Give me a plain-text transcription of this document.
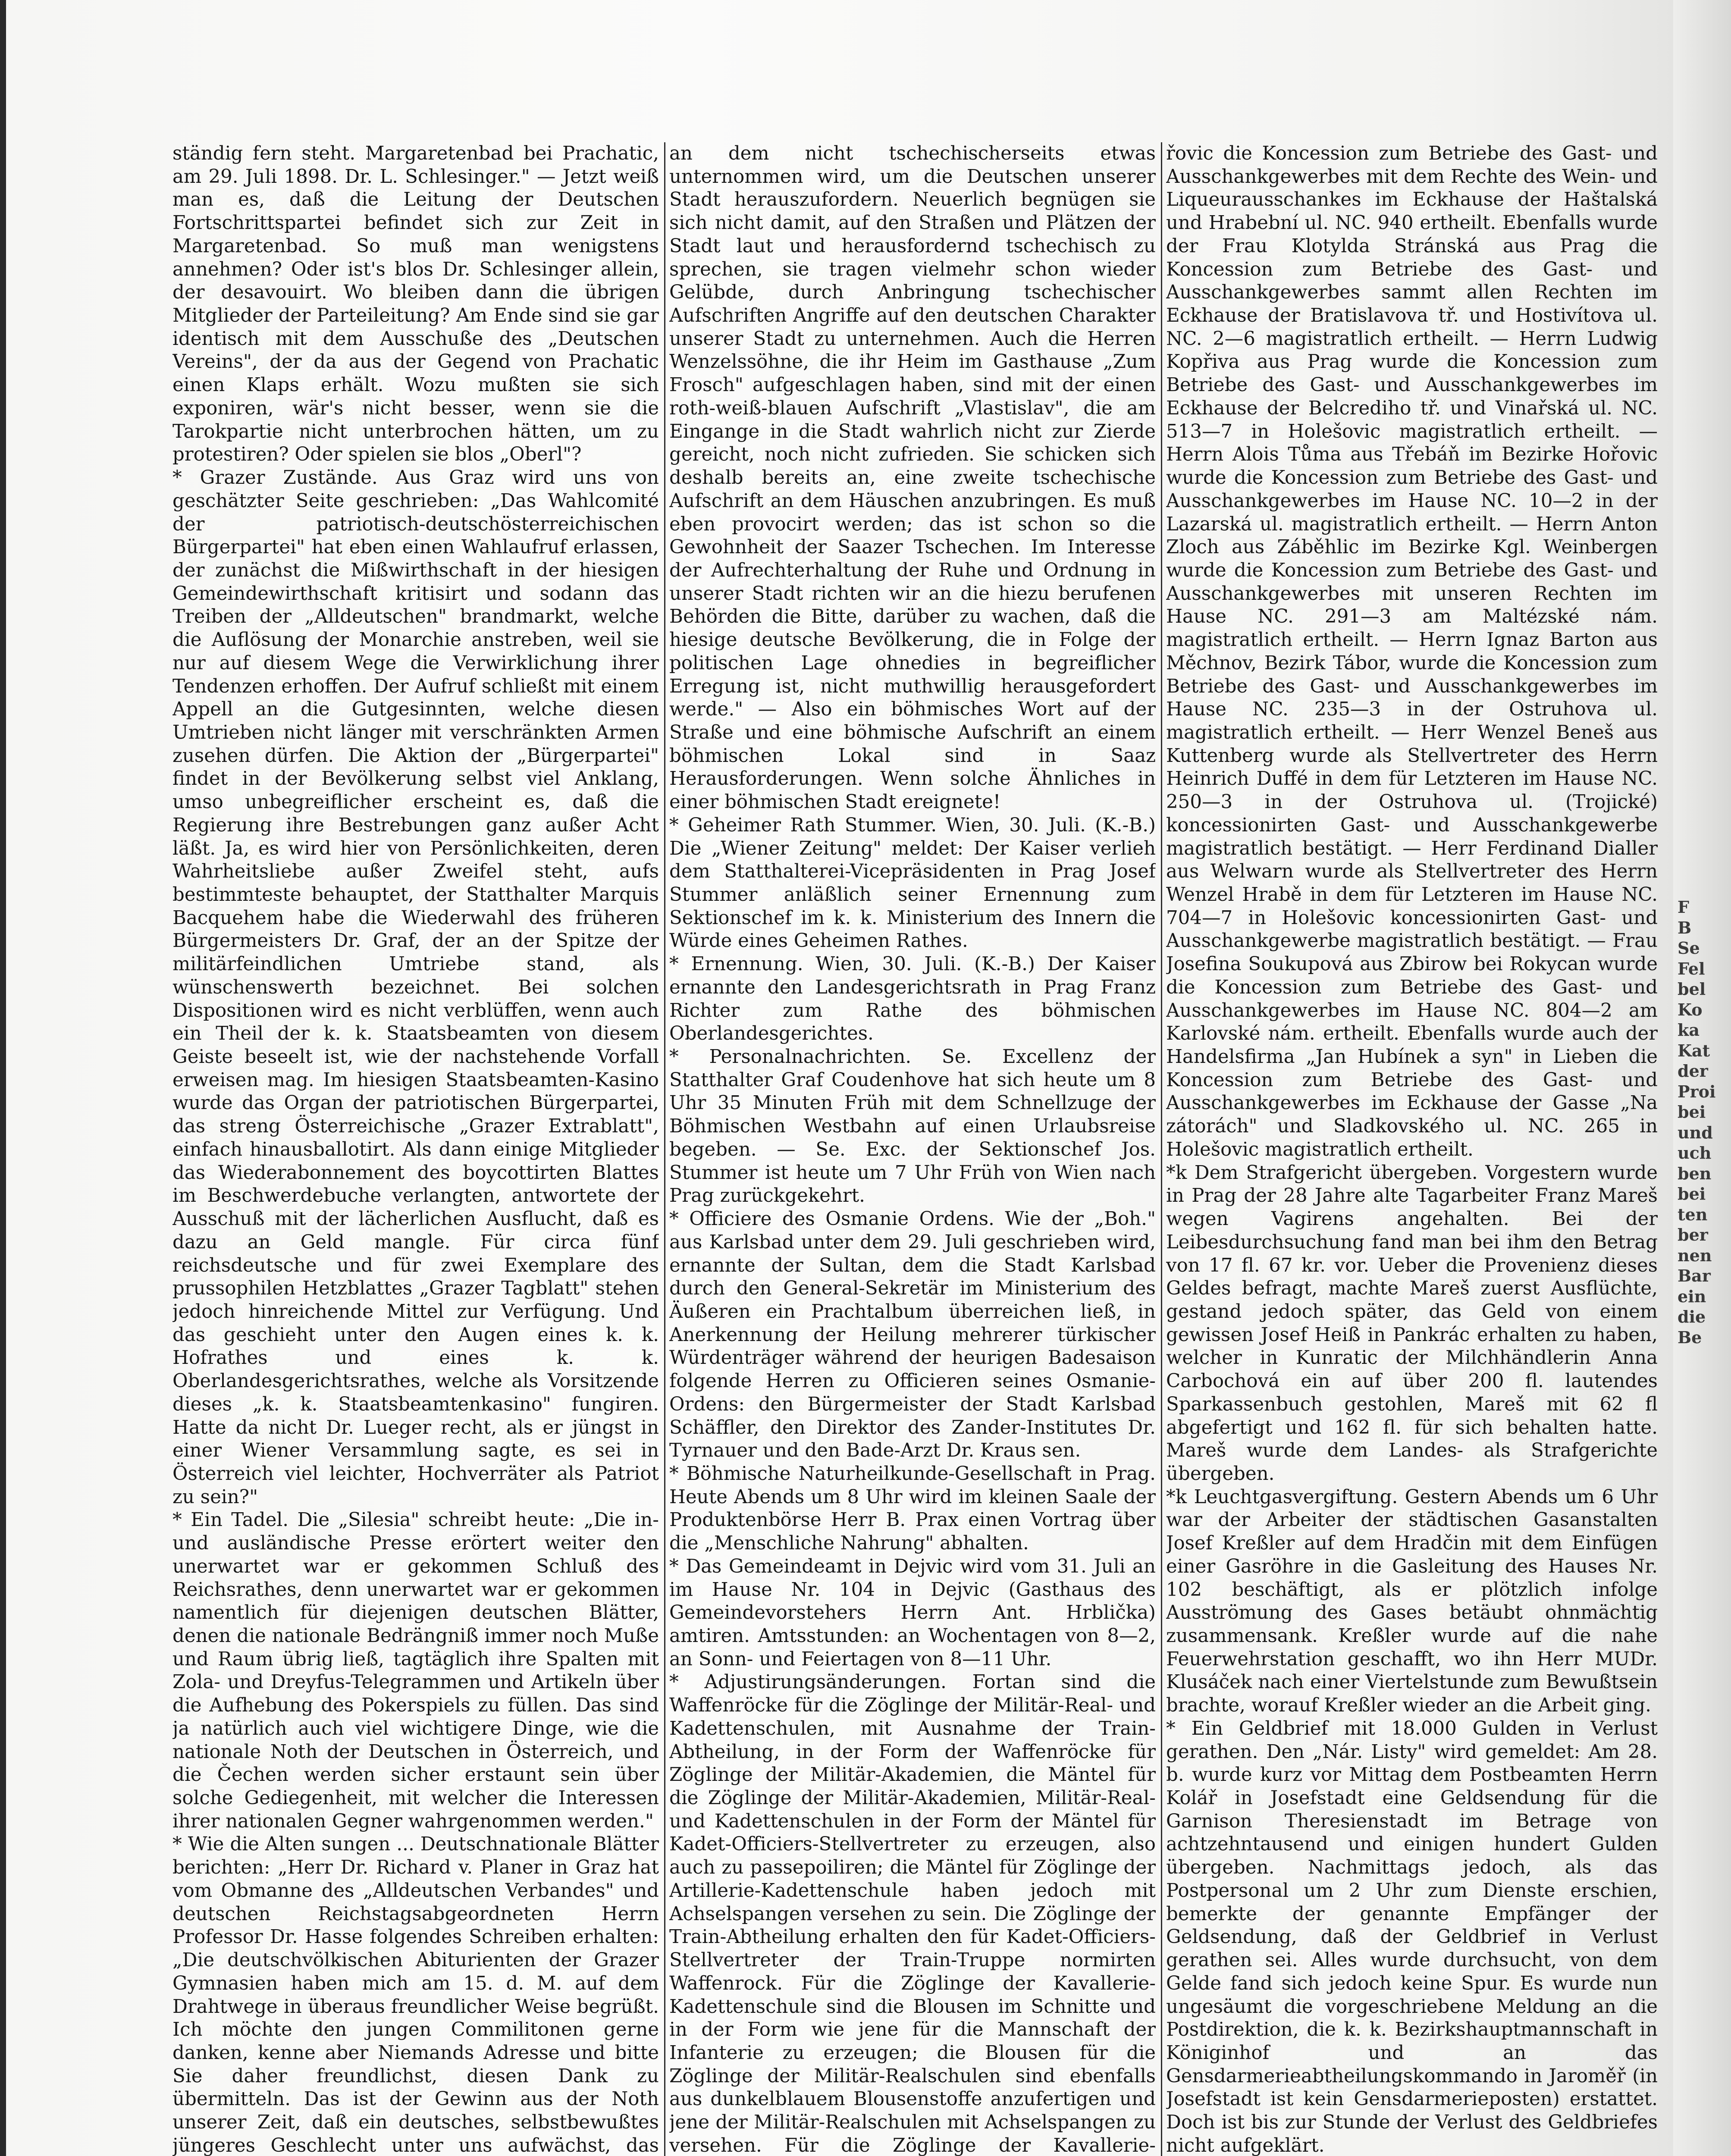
F
B
Se
Fel
bel
Ko
ka
Kat
der
Proi
bei
und
uch
ben
bei
ten
ber
nen
Bar
ein
die
Be

ständig fern steht. Margaretenbad bei Prachatic, am 29. Juli 1898. Dr. L. Schlesinger." — Jetzt weiß man es, daß die Leitung der Deutschen Fortschrittspartei befindet sich zur Zeit in Margaretenbad. So muß man wenigstens annehmen? Oder ist's blos Dr. Schlesinger allein, der desavouirt. Wo bleiben dann die übrigen Mitglieder der Parteileitung? Am Ende sind sie gar identisch mit dem Ausschuße des „Deutschen Vereins", der da aus der Gegend von Prachatic einen Klaps erhält. Wozu mußten sie sich exponiren, wär's nicht besser, wenn sie die Tarokpartie nicht unterbrochen hätten, um zu protestiren? Oder spielen sie blos „Oberl"?

* Grazer Zustände. Aus Graz wird uns von geschätzter Seite geschrieben: „Das Wahlcomité der patriotisch-deutschösterreichischen Bürgerpartei" hat eben einen Wahlaufruf erlassen, der zunächst die Mißwirthschaft in der hiesigen Gemeindewirthschaft kritisirt und sodann das Treiben der „Alldeutschen" brandmarkt, welche die Auflösung der Monarchie anstreben, weil sie nur auf diesem Wege die Verwirklichung ihrer Tendenzen erhoffen. Der Aufruf schließt mit einem Appell an die Gutgesinnten, welche diesen Umtrieben nicht länger mit verschränkten Armen zusehen dürfen. Die Aktion der „Bürgerpartei" findet in der Bevölkerung selbst viel Anklang, umso unbegreiflicher erscheint es, daß die Regierung ihre Bestrebungen ganz außer Acht läßt. Ja, es wird hier von Persönlichkeiten, deren Wahrheitsliebe außer Zweifel steht, aufs bestimmteste behauptet, der Statthalter Marquis Bacquehem habe die Wiederwahl des früheren Bürgermeisters Dr. Graf, der an der Spitze der militärfeindlichen Umtriebe stand, als wünschenswerth bezeichnet. Bei solchen Dispositionen wird es nicht verblüffen, wenn auch ein Theil der k. k. Staatsbeamten von diesem Geiste beseelt ist, wie der nachstehende Vorfall erweisen mag. Im hiesigen Staatsbeamten-Kasino wurde das Organ der patriotischen Bürgerpartei, das streng Österreichische „Grazer Extrablatt", einfach hinausballotirt. Als dann einige Mitglieder das Wiederabonnement des boycottirten Blattes im Beschwerdebuche verlangten, antwortete der Ausschuß mit der lächerlichen Ausflucht, daß es dazu an Geld mangle. Für circa fünf reichsdeutsche und für zwei Exemplare des prussophilen Hetzblattes „Grazer Tagblatt" stehen jedoch hinreichende Mittel zur Verfügung. Und das geschieht unter den Augen eines k. k. Hofrathes und eines k. k. Oberlandesgerichtsrathes, welche als Vorsitzende dieses „k. k. Staatsbeamtenkasino" fungiren. Hatte da nicht Dr. Lueger recht, als er jüngst in einer Wiener Versammlung sagte, es sei in Österreich viel leichter, Hochverräter als Patriot zu sein?"

* Ein Tadel. Die „Silesia" schreibt heute: „Die in- und ausländische Presse erörtert weiter den unerwartet war er gekommen Schluß des Reichsrathes, denn unerwartet war er gekommen namentlich für diejenigen deutschen Blätter, denen die nationale Bedrängniß immer noch Muße und Raum übrig ließ, tagtäglich ihre Spalten mit Zola- und Dreyfus-Telegrammen und Artikeln über die Aufhebung des Pokerspiels zu füllen. Das sind ja natürlich auch viel wichtigere Dinge, wie die nationale Noth der Deutschen in Österreich, und die Čechen werden sicher erstaunt sein über solche Gediegenheit, mit welcher die Interessen ihrer nationalen Gegner wahrgenommen werden."

* Wie die Alten sungen ... Deutschnationale Blätter berichten: „Herr Dr. Richard v. Planer in Graz hat vom Obmanne des „Alldeutschen Verbandes" und deutschen Reichstagsabgeordneten Herrn Professor Dr. Hasse folgendes Schreiben erhalten: „Die deutschvölkischen Abiturienten der Grazer Gymnasien haben mich am 15. d. M. auf dem Drahtwege in überaus freundlicher Weise begrüßt. Ich möchte den jungen Commilitonen gerne danken, kenne aber Niemands Adresse und bitte Sie daher freundlichst, diesen Dank zu übermitteln. Das ist der Gewinn aus der Noth unserer Zeit, daß ein deutsches, selbstbewußtes jüngeres Geschlecht unter uns aufwächst, das

an dem nicht tschechischerseits etwas unternommen wird, um die Deutschen unserer Stadt herauszufordern. Neuerlich begnügen sie sich nicht damit, auf den Straßen und Plätzen der Stadt laut und herausfordernd tschechisch zu sprechen, sie tragen vielmehr schon wieder Gelübde, durch Anbringung tschechischer Aufschriften Angriffe auf den deutschen Charakter unserer Stadt zu unternehmen. Auch die Herren Wenzelssöhne, die ihr Heim im Gasthause „Zum Frosch" aufgeschlagen haben, sind mit der einen roth-weiß-blauen Aufschrift „Vlastislav", die am Eingange in die Stadt wahrlich nicht zur Zierde gereicht, noch nicht zufrieden. Sie schicken sich deshalb bereits an, eine zweite tschechische Aufschrift an dem Häuschen anzubringen. Es muß eben provocirt werden; das ist schon so die Gewohnheit der Saazer Tschechen. Im Interesse der Aufrechterhaltung der Ruhe und Ordnung in unserer Stadt richten wir an die hiezu berufenen Behörden die Bitte, darüber zu wachen, daß die hiesige deutsche Bevölkerung, die in Folge der politischen Lage ohnedies in begreiflicher Erregung ist, nicht muthwillig herausgefordert werde." — Also ein böhmisches Wort auf der Straße und eine böhmische Aufschrift an einem böhmischen Lokal sind in Saaz Herausforderungen. Wenn solche Ähnliches in einer böhmischen Stadt ereignete!

* Geheimer Rath Stummer. Wien, 30. Juli. (K.-B.) Die „Wiener Zeitung" meldet: Der Kaiser verlieh dem Statthalterei-Vicepräsidenten in Prag Josef Stummer anläßlich seiner Ernennung zum Sektionschef im k. k. Ministerium des Innern die Würde eines Geheimen Rathes.

* Ernennung. Wien, 30. Juli. (K.-B.) Der Kaiser ernannte den Landesgerichtsrath in Prag Franz Richter zum Rathe des böhmischen Oberlandesgerichtes.

* Personalnachrichten. Se. Excellenz der Statthalter Graf Coudenhove hat sich heute um 8 Uhr 35 Minuten Früh mit dem Schnellzuge der Böhmischen Westbahn auf einen Urlaubsreise begeben. — Se. Exc. der Sektionschef Jos. Stummer ist heute um 7 Uhr Früh von Wien nach Prag zurückgekehrt.

* Officiere des Osmanie Ordens. Wie der „Boh." aus Karlsbad unter dem 29. Juli geschrieben wird, ernannte der Sultan, dem die Stadt Karlsbad durch den General-Sekretär im Ministerium des Äußeren ein Prachtalbum überreichen ließ, in Anerkennung der Heilung mehrerer türkischer Würdenträger während der heurigen Badesaison folgende Herren zu Officieren seines Osmanie-Ordens: den Bürgermeister der Stadt Karlsbad Schäffler, den Direktor des Zander-Institutes Dr. Tyrnauer und den Bade-Arzt Dr. Kraus sen.

* Böhmische Naturheilkunde-Gesellschaft in Prag. Heute Abends um 8 Uhr wird im kleinen Saale der Produktenbörse Herr B. Prax einen Vortrag über die „Menschliche Nahrung" abhalten.

* Das Gemeindeamt in Dejvic wird vom 31. Juli an im Hause Nr. 104 in Dejvic (Gasthaus des Gemeindevorstehers Herrn Ant. Hrblička) amtiren. Amtsstunden: an Wochentagen von 8—2, an Sonn- und Feiertagen von 8—11 Uhr.

* Adjustirungsänderungen. Fortan sind die Waffenröcke für die Zöglinge der Militär-Real- und Kadettenschulen, mit Ausnahme der Train-Abtheilung, in der Form der Waffenröcke für Zöglinge der Militär-Akademien, die Mäntel für die Zöglinge der Militär-Akademien, Militär-Real- und Kadettenschulen in der Form der Mäntel für Kadet-Officiers-Stellvertreter zu erzeugen, also auch zu passepoiliren; die Mäntel für Zöglinge der Artillerie-Kadettenschule haben jedoch mit Achselspangen versehen zu sein. Die Zöglinge der Train-Abtheilung erhalten den für Kadet-Officiers-Stellvertreter der Train-Truppe normirten Waffenrock. Für die Zöglinge der Kavallerie-Kadettenschule sind die Blousen im Schnitte und in der Form wie jene für die Mannschaft der Infanterie zu erzeugen; die Blousen für die Zöglinge der Militär-Realschulen sind ebenfalls aus dunkelblauem Blousenstoffe anzufertigen und jene der Militär-Realschulen mit Achselspangen zu versehen. Für die Zöglinge der Kavallerie-

řovic die Koncession zum Betriebe des Gast- und Ausschankgewerbes mit dem Rechte des Wein- und Liqueurausschankes im Eckhause der Haštalská und Hrabební ul. NC. 940 ertheilt. Ebenfalls wurde der Frau Klotylda Stránská aus Prag die Koncession zum Betriebe des Gast- und Ausschankgewerbes sammt allen Rechten im Eckhause der Bratislavova tř. und Hostivítova ul. NC. 2—6 magistratlich ertheilt. — Herrn Ludwig Kopřiva aus Prag wurde die Koncession zum Betriebe des Gast- und Ausschankgewerbes im Eckhause der Belcrediho tř. und Vinařská ul. NC. 513—7 in Holešovic magistratlich ertheilt. — Herrn Alois Tůma aus Třebáň im Bezirke Hořovic wurde die Koncession zum Betriebe des Gast- und Ausschankgewerbes im Hause NC. 10—2 in der Lazarská ul. magistratlich ertheilt. — Herrn Anton Zloch aus Záběhlic im Bezirke Kgl. Weinbergen wurde die Koncession zum Betriebe des Gast- und Ausschankgewerbes mit unseren Rechten im Hause NC. 291—3 am Maltézské nám. magistratlich ertheilt. — Herrn Ignaz Barton aus Měchnov, Bezirk Tábor, wurde die Koncession zum Betriebe des Gast- und Ausschankgewerbes im Hause NC. 235—3 in der Ostruhova ul. magistratlich ertheilt. — Herr Wenzel Beneš aus Kuttenberg wurde als Stellvertreter des Herrn Heinrich Duffé in dem für Letzteren im Hause NC. 250—3 in der Ostruhova ul. (Trojické) koncessionirten Gast- und Ausschankgewerbe magistratlich bestätigt. — Herr Ferdinand Dialler aus Welwarn wurde als Stellvertreter des Herrn Wenzel Hrabě in dem für Letzteren im Hause NC. 704—7 in Holešovic koncessionirten Gast- und Ausschankgewerbe magistratlich bestätigt. — Frau Josefina Soukupová aus Zbirow bei Rokycan wurde die Koncession zum Betriebe des Gast- und Ausschankgewerbes im Hause NC. 804—2 am Karlovské nám. ertheilt. Ebenfalls wurde auch der Handelsfirma „Jan Hubínek a syn" in Lieben die Koncession zum Betriebe des Gast- und Ausschankgewerbes im Eckhause der Gasse „Na zátorách" und Sladkovského ul. NC. 265 in Holešovic magistratlich ertheilt.

*k Dem Strafgericht übergeben. Vorgestern wurde in Prag der 28 Jahre alte Tagarbeiter Franz Mareš wegen Vagirens angehalten. Bei der Leibesdurchsuchung fand man bei ihm den Betrag von 17 fl. 67 kr. vor. Ueber die Provenienz dieses Geldes befragt, machte Mareš zuerst Ausflüchte, gestand jedoch später, das Geld von einem gewissen Josef Heiß in Pankrác erhalten zu haben, welcher in Kunratic der Milchhändlerin Anna Carbochová ein auf über 200 fl. lautendes Sparkassenbuch gestohlen, Mareš mit 62 fl abgefertigt und 162 fl. für sich behalten hatte. Mareš wurde dem Landes- als Strafgerichte übergeben.

*k Leuchtgasvergiftung. Gestern Abends um 6 Uhr war der Arbeiter der städtischen Gasanstalten Josef Kreßler auf dem Hradčin mit dem Einfügen einer Gasröhre in die Gasleitung des Hauses Nr. 102 beschäftigt, als er plötzlich infolge Ausströmung des Gases betäubt ohnmächtig zusammensank. Kreßler wurde auf die nahe Feuerwehrstation geschafft, wo ihn Herr MUDr. Klusáček nach einer Viertelstunde zum Bewußtsein brachte, worauf Kreßler wieder an die Arbeit ging.

* Ein Geldbrief mit 18.000 Gulden in Verlust gerathen. Den „Nár. Listy" wird gemeldet: Am 28. b. wurde kurz vor Mittag dem Postbeamten Herrn Kolář in Josefstadt eine Geldsendung für die Garnison Theresienstadt im Betrage von achtzehntausend und einigen hundert Gulden übergeben. Nachmittags jedoch, als das Postpersonal um 2 Uhr zum Dienste erschien, bemerkte der genannte Empfänger der Geldsendung, daß der Geldbrief in Verlust gerathen sei. Alles wurde durchsucht, von dem Gelde fand sich jedoch keine Spur. Es wurde nun ungesäumt die vorgeschriebene Meldung an die Postdirektion, die k. k. Bezirkshauptmannschaft in Königinhof und an das Gensdarmerieabtheilungskommando in Jaroměř (in Josefstadt ist kein Gensdarmerieposten) erstattet. Doch ist bis zur Stunde der Verlust des Geldbriefes nicht aufgeklärt.
